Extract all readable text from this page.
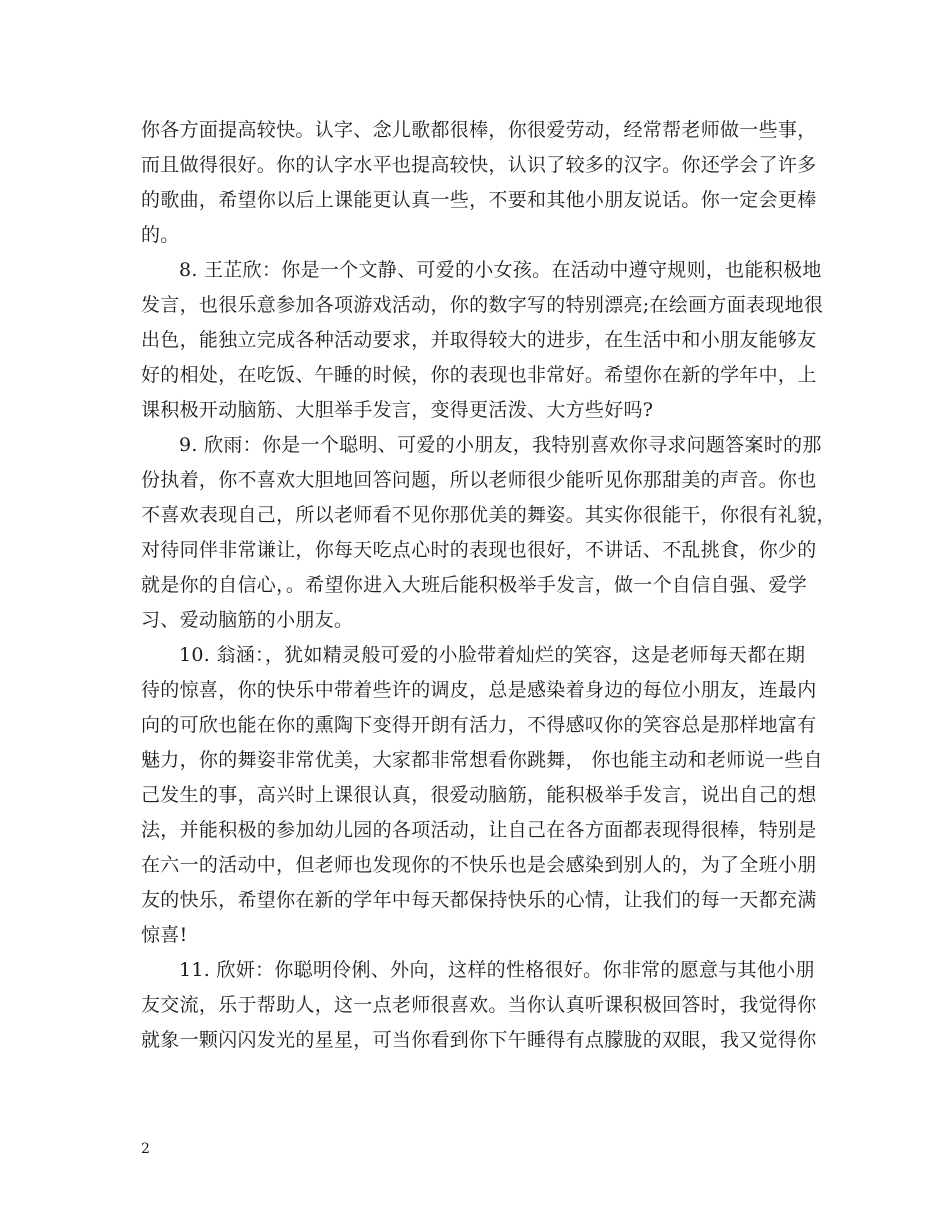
你各方面提高较快。认字、念儿歌都很棒，你很爱劳动，经常帮老师做一些事，
而且做得很好。你的认字水平也提高较快，认识了较多的汉字。你还学会了许多
的歌曲，希望你以后上课能更认真一些，不要和其他小朋友说话。你一定会更棒
的。
8. 王芷欣：你是一个文静、可爱的小女孩。在活动中遵守规则，也能积极地
发言，也很乐意参加各项游戏活动，你的数字写的特别漂亮;在绘画方面表现地很
出色，能独立完成各种活动要求，并取得较大的进步，在生活中和小朋友能够友
好的相处，在吃饭、午睡的时候，你的表现也非常好。希望你在新的学年中，上
课积极开动脑筋、大胆举手发言，变得更活泼、大方些好吗?
9. 欣雨：你是一个聪明、可爱的小朋友，我特别喜欢你寻求问题答案时的那
份执着，你不喜欢大胆地回答问题，所以老师很少能听见你那甜美的声音。你也
不喜欢表现自己，所以老师看不见你那优美的舞姿。其实你很能干，你很有礼貌，
对待同伴非常谦让，你每天吃点心时的表现也很好，不讲话、不乱挑食，你少的
就是你的自信心，。希望你进入大班后能积极举手发言，做一个自信自强、爱学
习、爱动脑筋的小朋友。
10. 翁涵：，犹如精灵般可爱的小脸带着灿烂的笑容，这是老师每天都在期
待的惊喜，你的快乐中带着些许的调皮，总是感染着身边的每位小朋友，连最内
向的可欣也能在你的熏陶下变得开朗有活力，不得感叹你的笑容总是那样地富有
魅力，你的舞姿非常优美，大家都非常想看你跳舞， 你也能主动和老师说一些自
己发生的事，高兴时上课很认真，很爱动脑筋，能积极举手发言，说出自己的想
法，并能积极的参加幼儿园的各项活动，让自己在各方面都表现得很棒，特别是
在六一的活动中，但老师也发现你的不快乐也是会感染到别人的，为了全班小朋
友的快乐，希望你在新的学年中每天都保持快乐的心情，让我们的每一天都充满
惊喜!
11. 欣妍：你聪明伶俐、外向，这样的性格很好。你非常的愿意与其他小朋
友交流，乐于帮助人，这一点老师很喜欢。当你认真听课积极回答时，我觉得你
就象一颗闪闪发光的星星，可当你看到你下午睡得有点朦胧的双眼，我又觉得你
2
